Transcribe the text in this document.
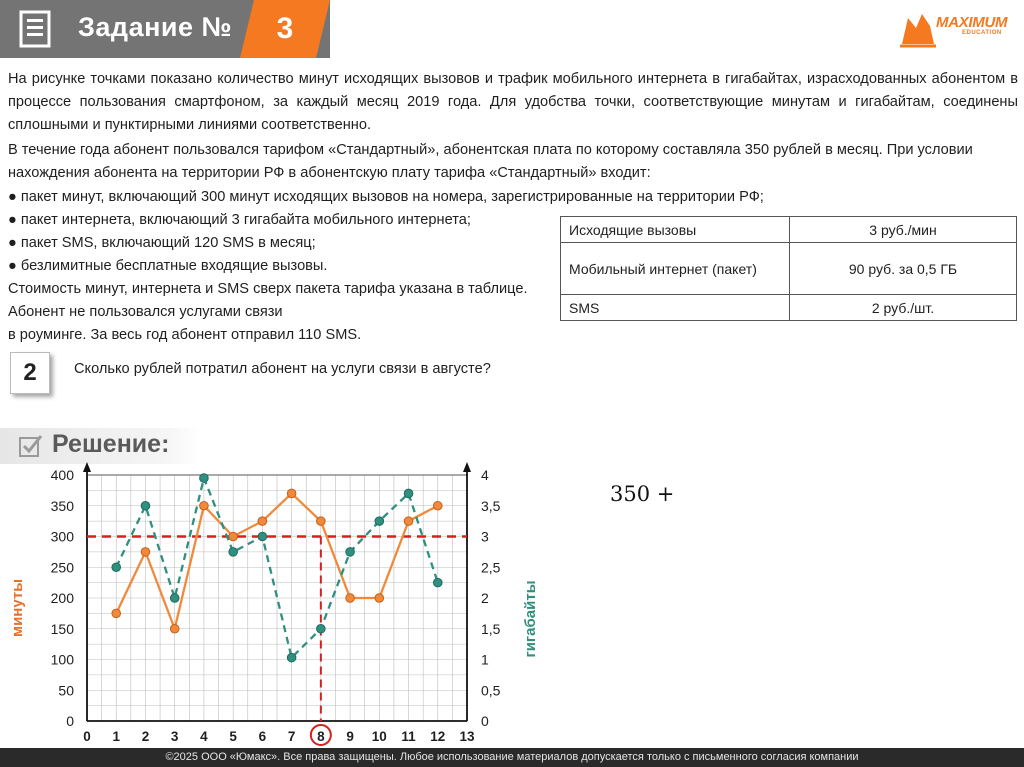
Задание №	3	MAXIMUM
EDUCATION
На рисунке точками показано количество минут исходящих вызовов и трафик мобильного интернета в гигабайтах, израсходованных абонентом в процессе пользования смартфоном, за каждый месяц 2019 года. Для удобства точки, соответствующие минутам и гигабайтам, соединены сплошными и пунктирными линиями соответственно.
В течение года абонент пользовался тарифом «Стандартный», абонентская плата по которому составляла 350 рублей в месяц. При условии нахождения абонента на территории РФ в абонентскую плату тарифа «Стандартный» входит:
● пакет минут, включающий 300 минут исходящих вызовов на номера, зарегистрированные на территории РФ;
● пакет интернета, включающий 3 гигабайта мобильного интернета;
● пакет SMS, включающий 120 SMS в месяц;
● безлимитные бесплатные входящие вызовы.
Стоимость минут, интернета и SMS сверх пакета тарифа указана в таблице.
Абонент не пользовался услугами связи
в роуминге. За весь год абонент отправил 110 SMS.
Исходящие вызовы	3 руб./мин
Мобильный интернет (пакет)	90 руб. за 0,5 ГБ
SMS	2 руб./шт.
2	Сколько рублей потратил абонент на услуги связи в августе?
Решение:
350 +
0
50
100
150
200
250
300
350
400
0
0,5
1
1,5
2
2,5
3
3,5
4
0 1 2 3 4 5 6 7 8 9 10 11 12 13
минуты	гигабайты
©2025 ООО «Юмакс». Все права защищены. Любое использование материалов допускается только с письменного согласия компании
